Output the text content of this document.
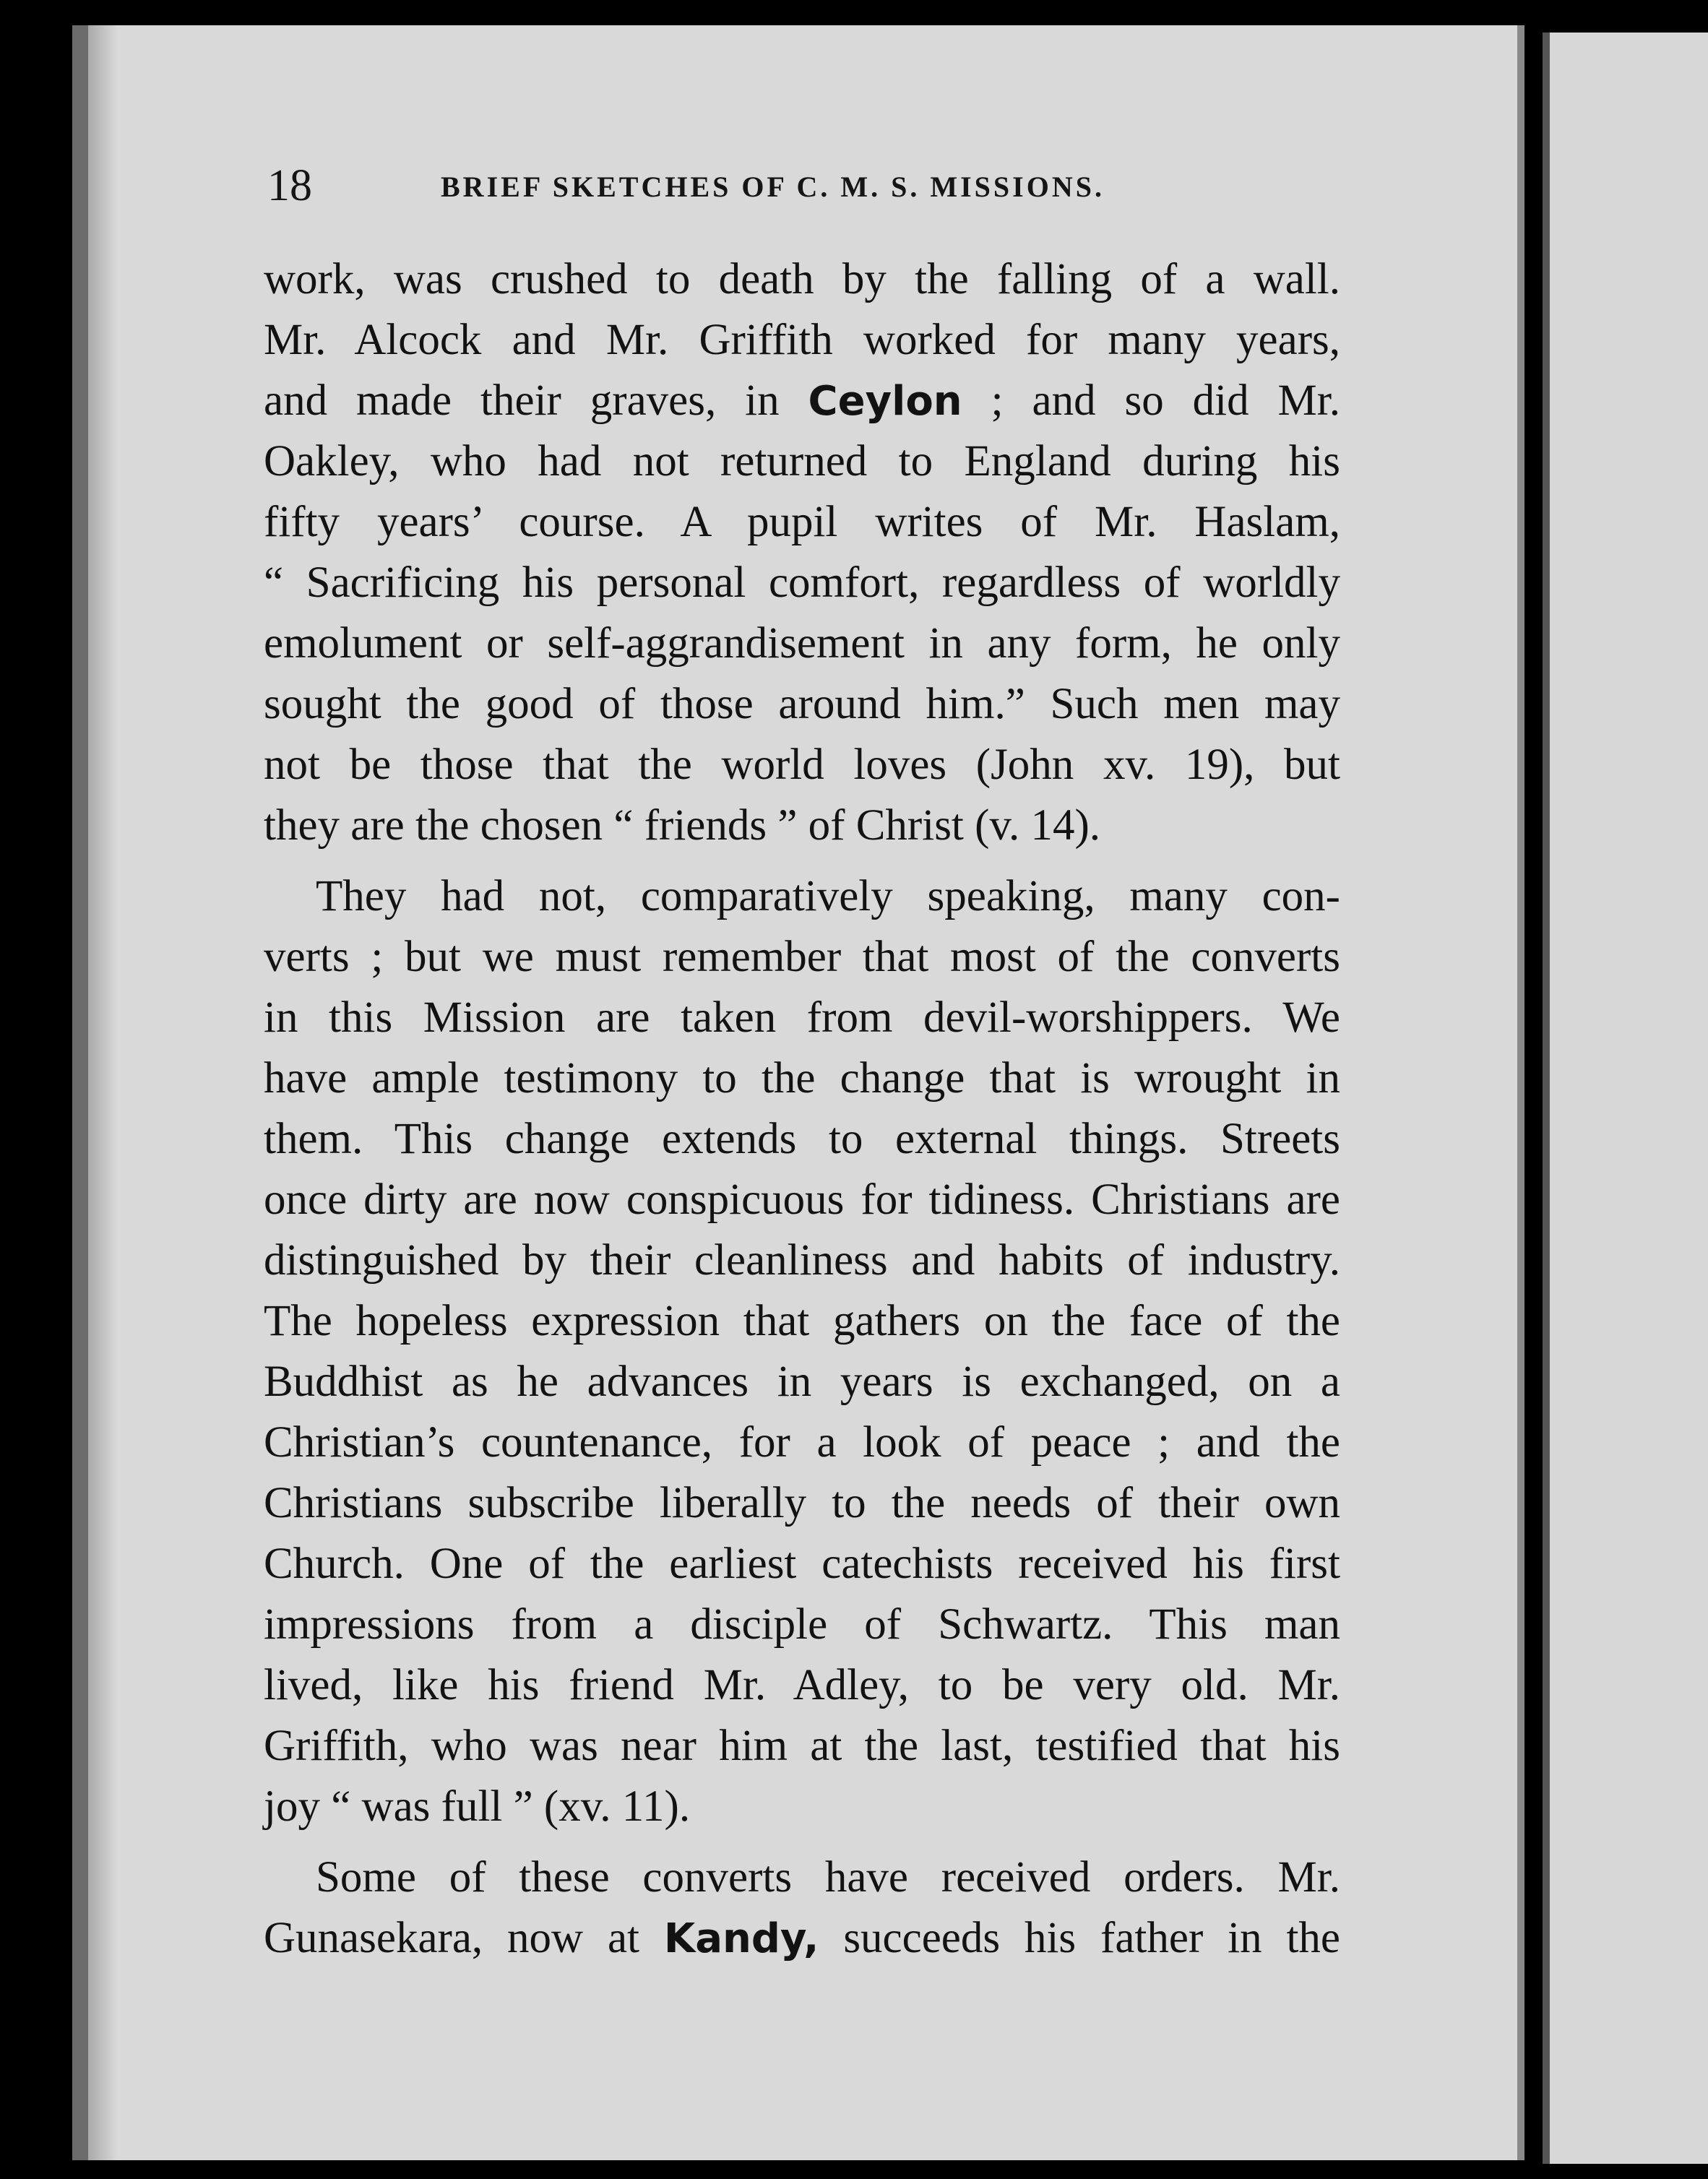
18	BRIEF SKETCHES OF C. M. S. MISSIONS.
work, was crushed to death by the falling of a wall.
Mr. Alcock and Mr. Griffith worked for many years,
and made their graves, in Ceylon ; and so did Mr.
Oakley, who had not returned to England during his
fifty years’ course. A pupil writes of Mr. Haslam,
“ Sacrificing his personal comfort, regardless of worldly
emolument or self-aggrandisement in any form, he only
sought the good of those around him.” Such men may
not be those that the world loves (John xv. 19), but
they are the chosen “ friends ” of Christ (v. 14).
They had not, comparatively speaking, many con-
verts ; but we must remember that most of the converts
in this Mission are taken from devil-worshippers. We
have ample testimony to the change that is wrought in
them. This change extends to external things. Streets
once dirty are now conspicuous for tidiness. Christians are
distinguished by their cleanliness and habits of industry.
The hopeless expression that gathers on the face of the
Buddhist as he advances in years is exchanged, on a
Christian’s countenance, for a look of peace ; and the
Christians subscribe liberally to the needs of their own
Church. One of the earliest catechists received his first
impressions from a disciple of Schwartz. This man
lived, like his friend Mr. Adley, to be very old. Mr.
Griffith, who was near him at the last, testified that his
joy “ was full ” (xv. 11).
Some of these converts have received orders. Mr.
Gunasekara, now at Kandy, succeeds his father in the
